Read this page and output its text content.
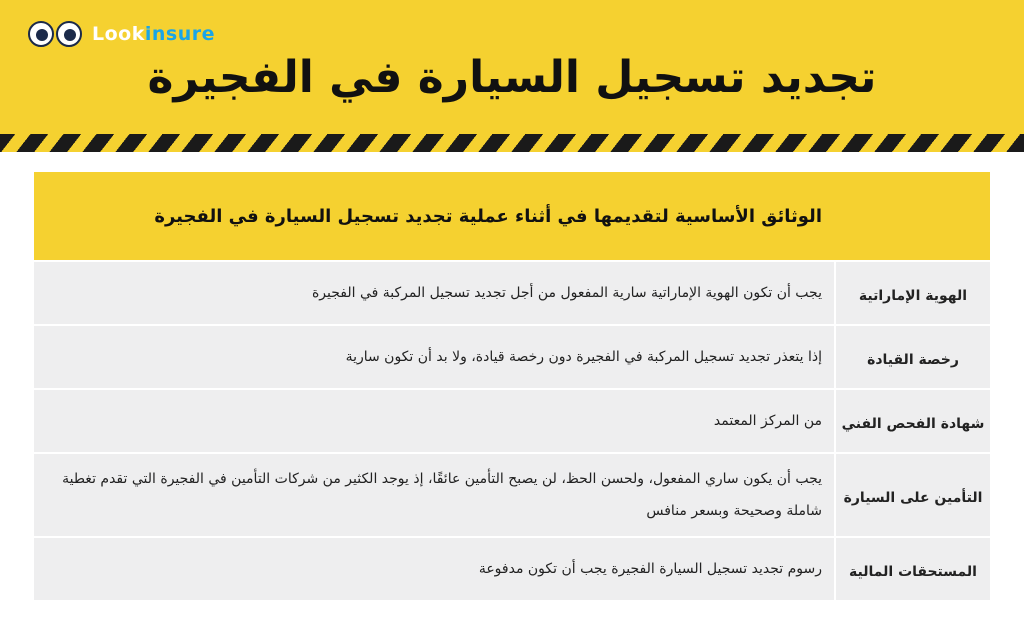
Lookinsure
تجديد تسجيل السيارة في الفجيرة
الوثائق الأساسية لتقديمها في أثناء عملية تجديد تسجيل السيارة في الفجيرة
الهوية الإماراتية
يجب أن تكون الهوية الإماراتية سارية المفعول من أجل تجديد تسجيل المركبة في الفجيرة
رخصة القيادة
إذا يتعذر تجديد تسجيل المركبة في الفجيرة دون رخصة قيادة، ولا بد أن تكون سارية
شهادة الفحص الفني
من المركز المعتمد
التأمين على السيارة
يجب أن يكون ساري المفعول، ولحسن الحظ، لن يصبح التأمين عائقًا، إذ يوجد الكثير من شركات التأمين في الفجيرة التي تقدم تغطية شاملة وصحيحة وبسعر منافس
المستحقات المالية
رسوم تجديد تسجيل السيارة الفجيرة يجب أن تكون مدفوعة
